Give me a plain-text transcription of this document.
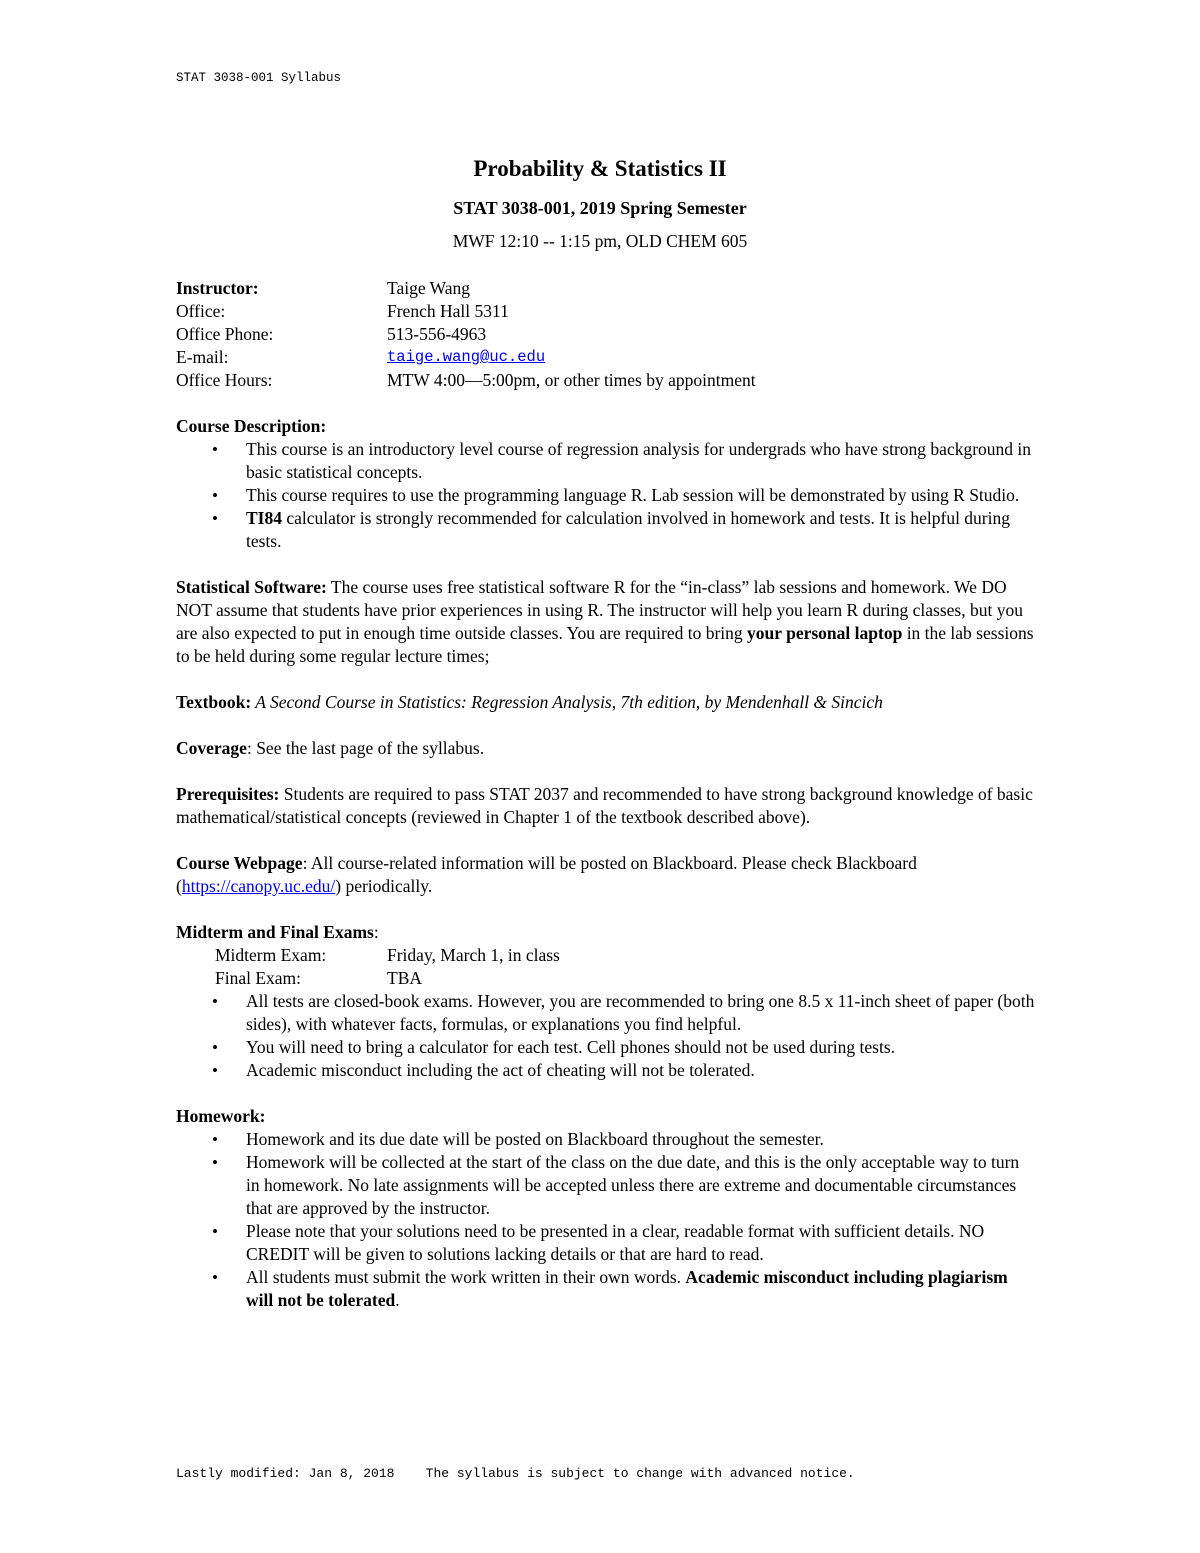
STAT 3038-001 Syllabus
Probability & Statistics II
STAT 3038-001, 2019 Spring Semester
MWF 12:10 -- 1:15 pm, OLD CHEM 605
Instructor:	Taige Wang
Office:	French Hall 5311
Office Phone:	513-556-4963
E-mail:	taige.wang@uc.edu
Office Hours:	MTW 4:00—5:00pm, or other times by appointment
Course Description:
• This course is an introductory level course of regression analysis for undergrads who have strong background in basic statistical concepts.
• This course requires to use the programming language R. Lab session will be demonstrated by using R Studio.
• TI84 calculator is strongly recommended for calculation involved in homework and tests. It is helpful during tests.
Statistical Software: The course uses free statistical software R for the “in-class” lab sessions and homework. We DO NOT assume that students have prior experiences in using R. The instructor will help you learn R during classes, but you are also expected to put in enough time outside classes. You are required to bring your personal laptop in the lab sessions to be held during some regular lecture times;
Textbook: A Second Course in Statistics: Regression Analysis, 7th edition, by Mendenhall & Sincich
Coverage: See the last page of the syllabus.
Prerequisites: Students are required to pass STAT 2037 and recommended to have strong background knowledge of basic mathematical/statistical concepts (reviewed in Chapter 1 of the textbook described above).
Course Webpage: All course-related information will be posted on Blackboard. Please check Blackboard (https://canopy.uc.edu/) periodically.
Midterm and Final Exams:
Midterm Exam:	Friday, March 1, in class
Final Exam:	TBA
• All tests are closed-book exams. However, you are recommended to bring one 8.5 x 11-inch sheet of paper (both sides), with whatever facts, formulas, or explanations you find helpful.
• You will need to bring a calculator for each test. Cell phones should not be used during tests.
• Academic misconduct including the act of cheating will not be tolerated.
Homework:
• Homework and its due date will be posted on Blackboard throughout the semester.
• Homework will be collected at the start of the class on the due date, and this is the only acceptable way to turn in homework. No late assignments will be accepted unless there are extreme and documentable circumstances that are approved by the instructor.
• Please note that your solutions need to be presented in a clear, readable format with sufficient details. NO CREDIT will be given to solutions lacking details or that are hard to read.
• All students must submit the work written in their own words. Academic misconduct including plagiarism will not be tolerated.
Lastly modified: Jan 8, 2018 The syllabus is subject to change with advanced notice.
